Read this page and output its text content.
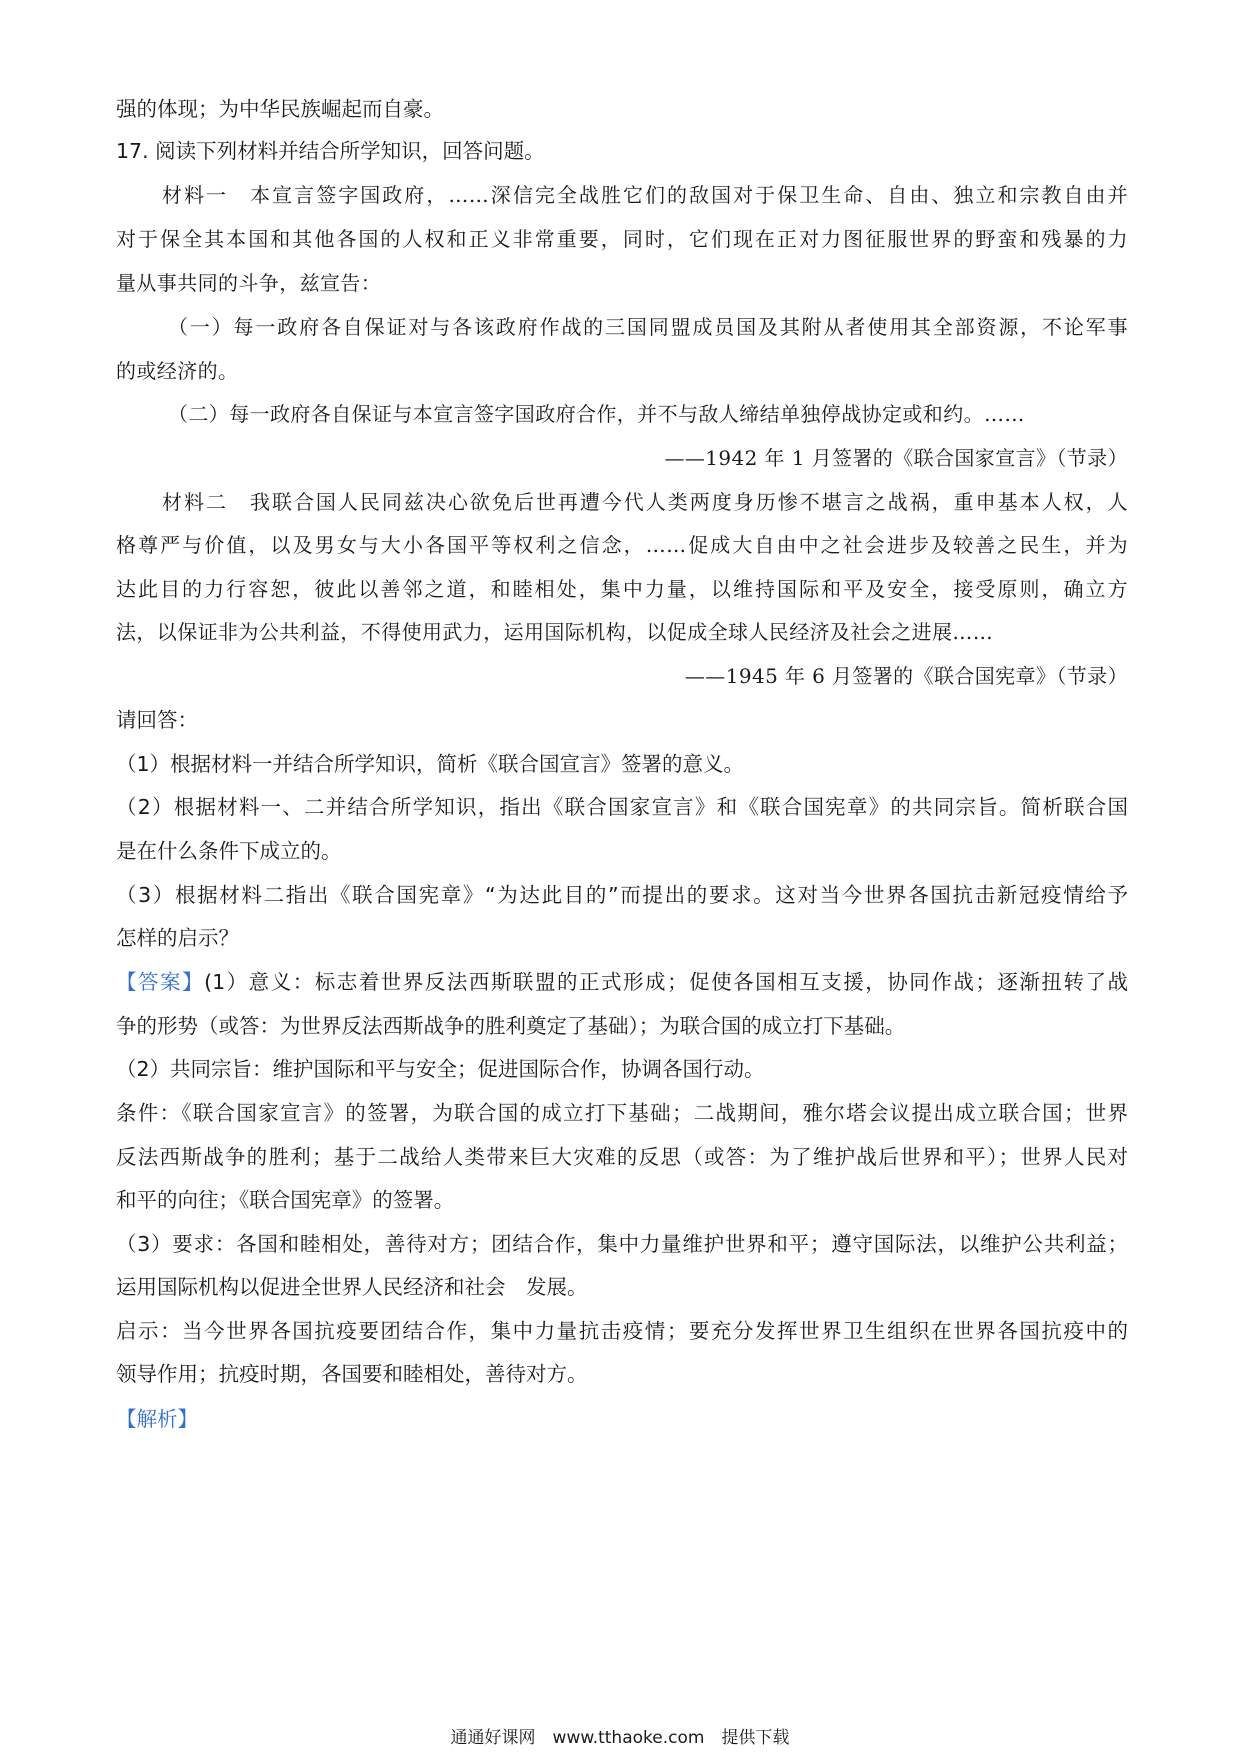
强的体现；为中华民族崛起而自豪。
17. 阅读下列材料并结合所学知识，回答问题。
材料一　本宣言签字国政府，……深信完全战胜它们的敌国对于保卫生命、自由、独立和宗教自由并
对于保全其本国和其他各国的人权和正义非常重要，同时，它们现在正对力图征服世界的野蛮和残暴的力
量从事共同的斗争，兹宣告：
（一）每一政府各自保证对与各该政府作战的三国同盟成员国及其附从者使用其全部资源，不论军事
的或经济的。
（二）每一政府各自保证与本宣言签字国政府合作，并不与敌人缔结单独停战协定或和约。……
——1942 年 1 月签署的《联合国家宣言》（节录）
材料二　我联合国人民同兹决心欲免后世再遭今代人类两度身历惨不堪言之战祸，重申基本人权，人
格尊严与价值，以及男女与大小各国平等权利之信念，……促成大自由中之社会进步及较善之民生，并为
达此目的力行容恕，彼此以善邻之道，和睦相处，集中力量，以维持国际和平及安全，接受原则，确立方
法，以保证非为公共利益，不得使用武力，运用国际机构，以促成全球人民经济及社会之进展……
——1945 年 6 月签署的《联合国宪章》（节录）
请回答：
（1）根据材料一并结合所学知识，简析《联合国宣言》签署的意义。
（2）根据材料一、二并结合所学知识，指出《联合国家宣言》和《联合国宪章》的共同宗旨。简析联合国
是在什么条件下成立的。
（3）根据材料二指出《联合国宪章》“为达此目的”而提出的要求。这对当今世界各国抗击新冠疫情给予
怎样的启示？
【答案】(1）意义：标志着世界反法西斯联盟的正式形成；促使各国相互支援，协同作战；逐渐扭转了战
争的形势（或答：为世界反法西斯战争的胜利奠定了基础）；为联合国的成立打下基础。
（2）共同宗旨：维护国际和平与安全；促进国际合作，协调各国行动。
条件：《联合国家宣言》的签署，为联合国的成立打下基础；二战期间，雅尔塔会议提出成立联合国；世界
反法西斯战争的胜利；基于二战给人类带来巨大灾难的反思（或答：为了维护战后世界和平）；世界人民对
和平的向往；《联合国宪章》的签署。
（3）要求：各国和睦相处，善待对方；团结合作，集中力量维护世界和平；遵守国际法，以维护公共利益；
运用国际机构以促进全世界人民经济和社会　发展。
启示：当今世界各国抗疫要团结合作，集中力量抗击疫情；要充分发挥世界卫生组织在世界各国抗疫中的
领导作用；抗疫时期，各国要和睦相处，善待对方。
【解析】
通通好课网　www.tthaoke.com　提供下载
